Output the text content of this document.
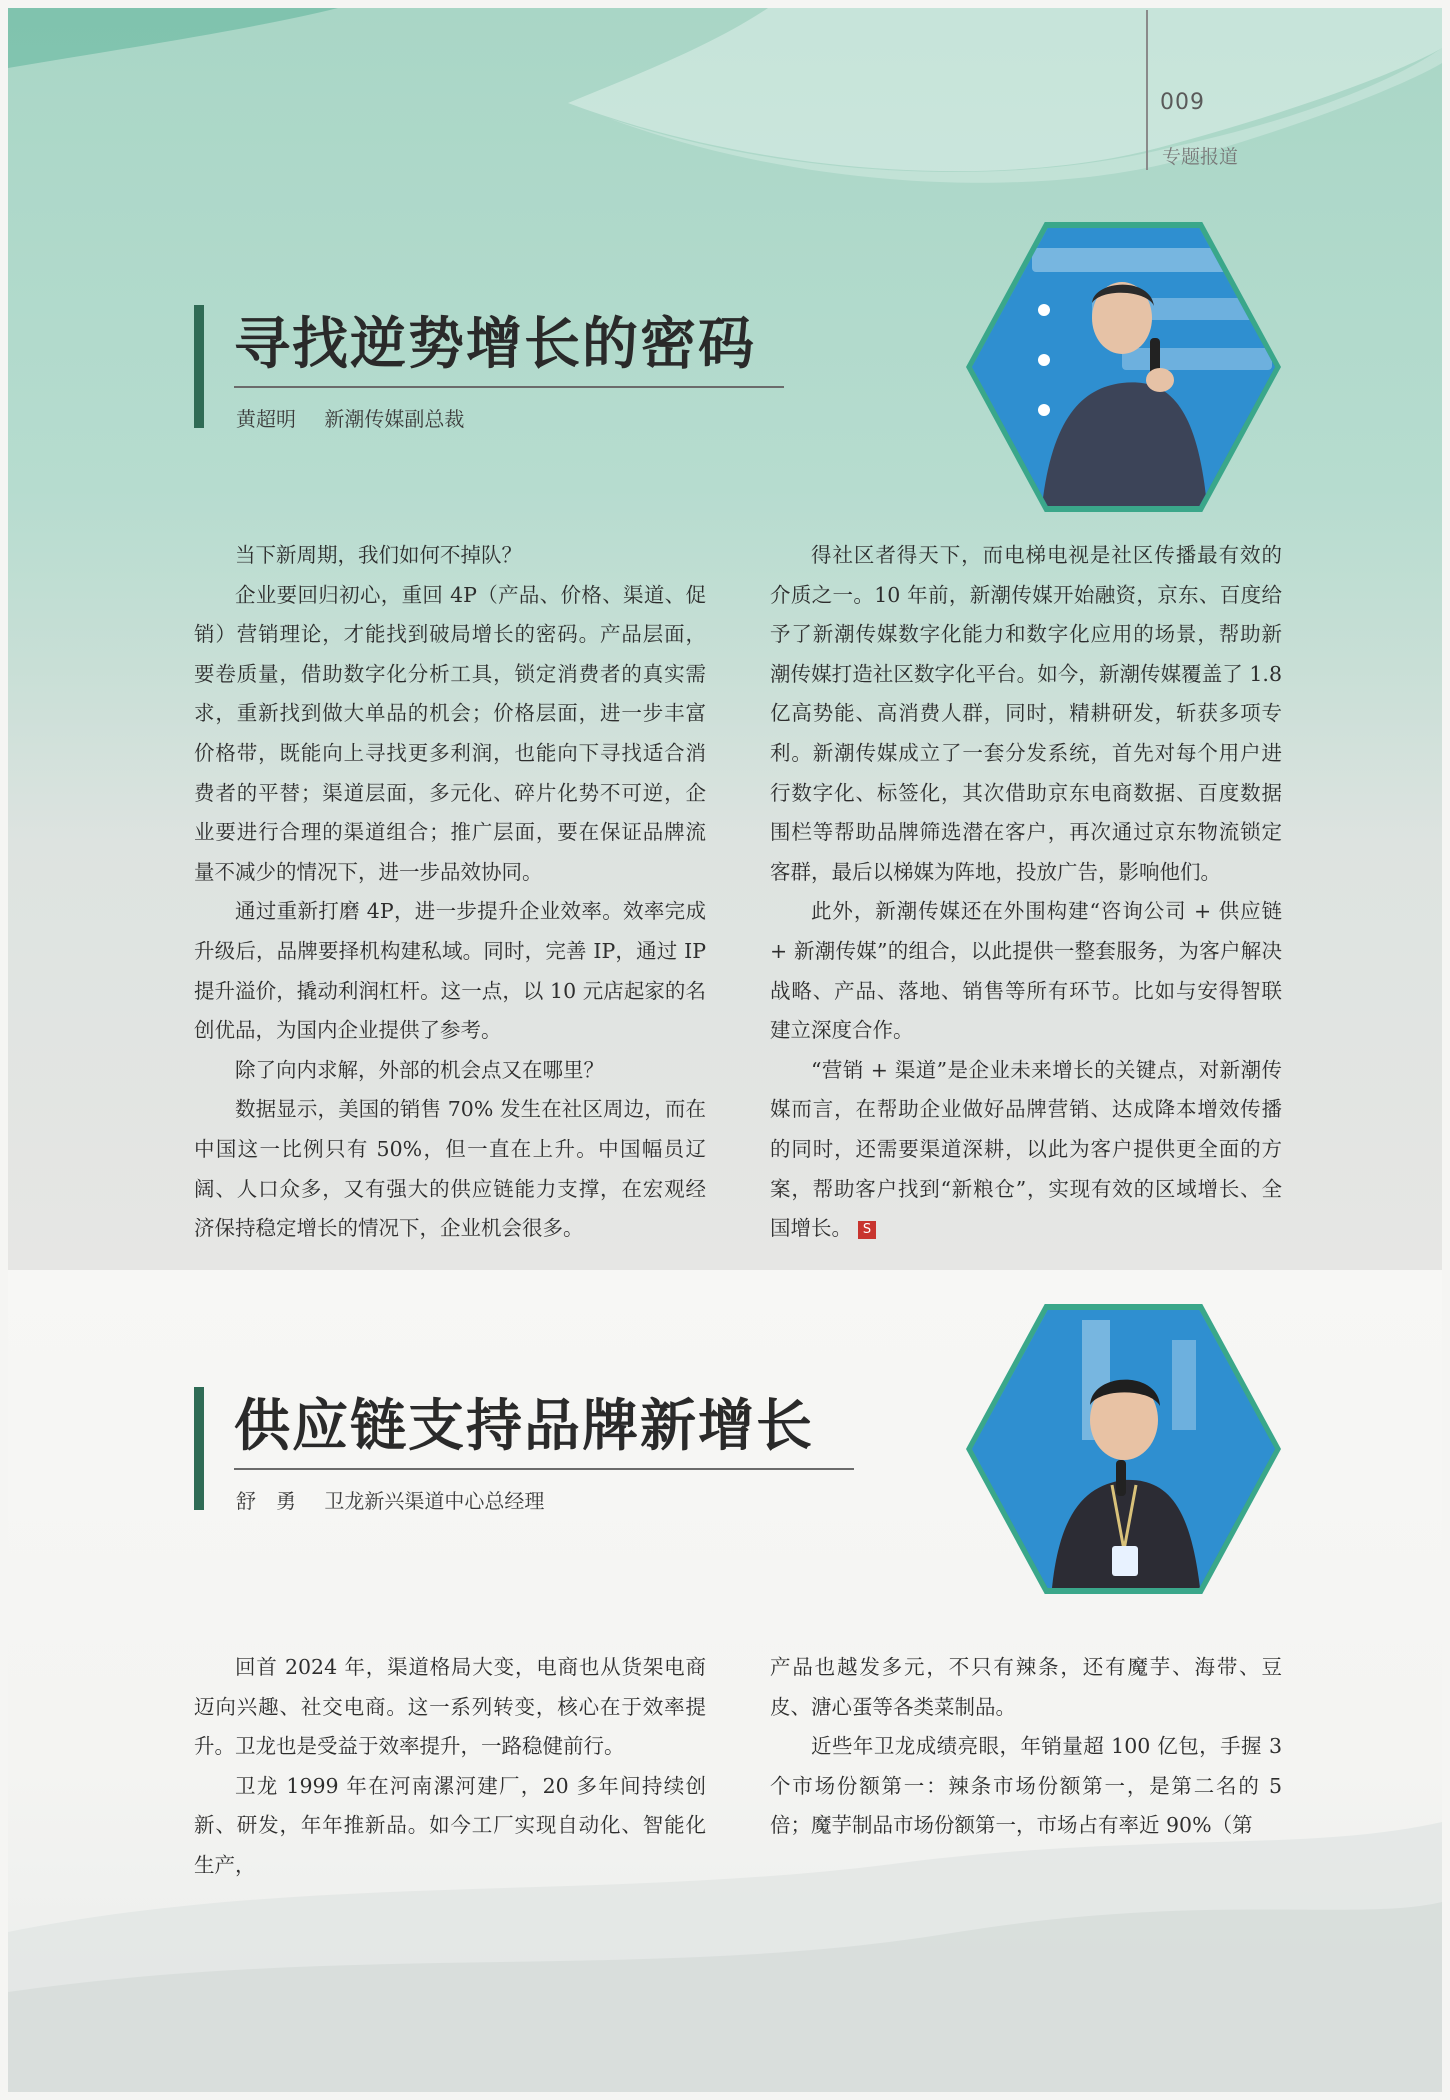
009
专题报道
寻找逆势增长的密码
黄超明 新潮传媒副总裁

当下新周期，我们如何不掉队？

企业要回归初心，重回 4P（产品、价格、渠道、促销）营销理论，才能找到破局增长的密码。产品层面，要卷质量，借助数字化分析工具，锁定消费者的真实需求，重新找到做大单品的机会；价格层面，进一步丰富价格带，既能向上寻找更多利润，也能向下寻找适合消费者的平替；渠道层面，多元化、碎片化势不可逆，企业要进行合理的渠道组合；推广层面，要在保证品牌流量不减少的情况下，进一步品效协同。

通过重新打磨 4P，进一步提升企业效率。效率完成升级后，品牌要择机构建私域。同时，完善 IP，通过 IP 提升溢价，撬动利润杠杆。这一点，以 10 元店起家的名创优品，为国内企业提供了参考。

除了向内求解，外部的机会点又在哪里？

数据显示，美国的销售 70% 发生在社区周边，而在中国这一比例只有 50%，但一直在上升。中国幅员辽阔、人口众多，又有强大的供应链能力支撑，在宏观经济保持稳定增长的情况下，企业机会很多。

得社区者得天下，而电梯电视是社区传播最有效的介质之一。10 年前，新潮传媒开始融资，京东、百度给予了新潮传媒数字化能力和数字化应用的场景，帮助新潮传媒打造社区数字化平台。如今，新潮传媒覆盖了 1.8 亿高势能、高消费人群，同时，精耕研发，斩获多项专利。新潮传媒成立了一套分发系统，首先对每个用户进行数字化、标签化，其次借助京东电商数据、百度数据围栏等帮助品牌筛选潜在客户，再次通过京东物流锁定客群，最后以梯媒为阵地，投放广告，影响他们。

此外，新潮传媒还在外围构建“咨询公司 + 供应链 + 新潮传媒”的组合，以此提供一整套服务，为客户解决战略、产品、落地、销售等所有环节。比如与安得智联建立深度合作。

“营销 + 渠道”是企业未来增长的关键点，对新潮传媒而言，在帮助企业做好品牌营销、达成降本增效传播的同时，还需要渠道深耕，以此为客户提供更全面的方案，帮助客户找到“新粮仓”，实现有效的区域增长、全国增长。 S

供应链支持品牌新增长
舒　勇 卫龙新兴渠道中心总经理

回首 2024 年，渠道格局大变，电商也从货架电商迈向兴趣、社交电商。这一系列转变，核心在于效率提升。卫龙也是受益于效率提升，一路稳健前行。

卫龙 1999 年在河南漯河建厂，20 多年间持续创新、研发，年年推新品。如今工厂实现自动化、智能化生产，

产品也越发多元，不只有辣条，还有魔芋、海带、豆皮、溏心蛋等各类菜制品。

近些年卫龙成绩亮眼，年销量超 100 亿包，手握 3 个市场份额第一：辣条市场份额第一，是第二名的 5 倍；魔芋制品市场份额第一，市场占有率近 90%（第
